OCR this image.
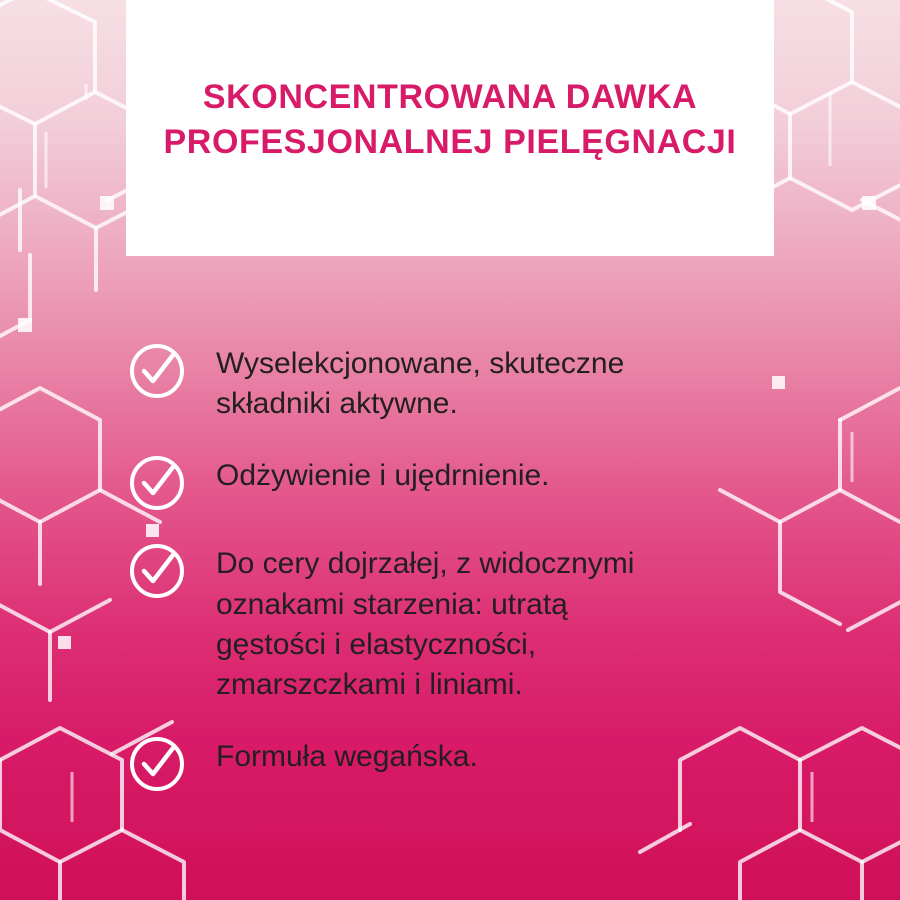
SKONCENTROWANA DAWKA
PROFESJONALNEJ PIELĘGNACJI
Wyselekcjonowane, skuteczne
składniki aktywne.
Odżywienie i ujędrnienie.
Do cery dojrzałej, z widocznymi
oznakami starzenia: utratą
gęstości i elastyczności,
zmarszczkami i liniami.
Formuła wegańska.
